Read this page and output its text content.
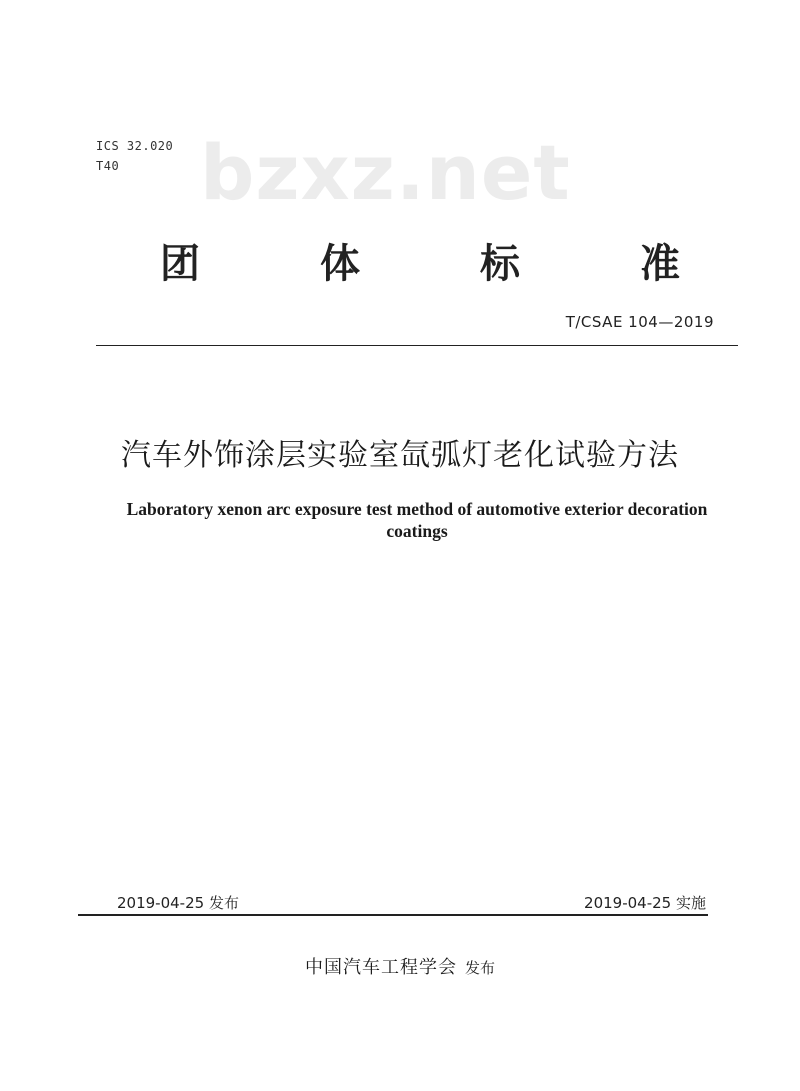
ICS 32.020
T40	bzxz.net
团	体	标	准
T/CSAE 104—2019
汽车外饰涂层实验室氙弧灯老化试验方法
Laboratory xenon arc exposure test method of automotive exterior decoration
coatings
2019-04-25 发布	2019-04-25 实施
中国汽车工程学会 发布
